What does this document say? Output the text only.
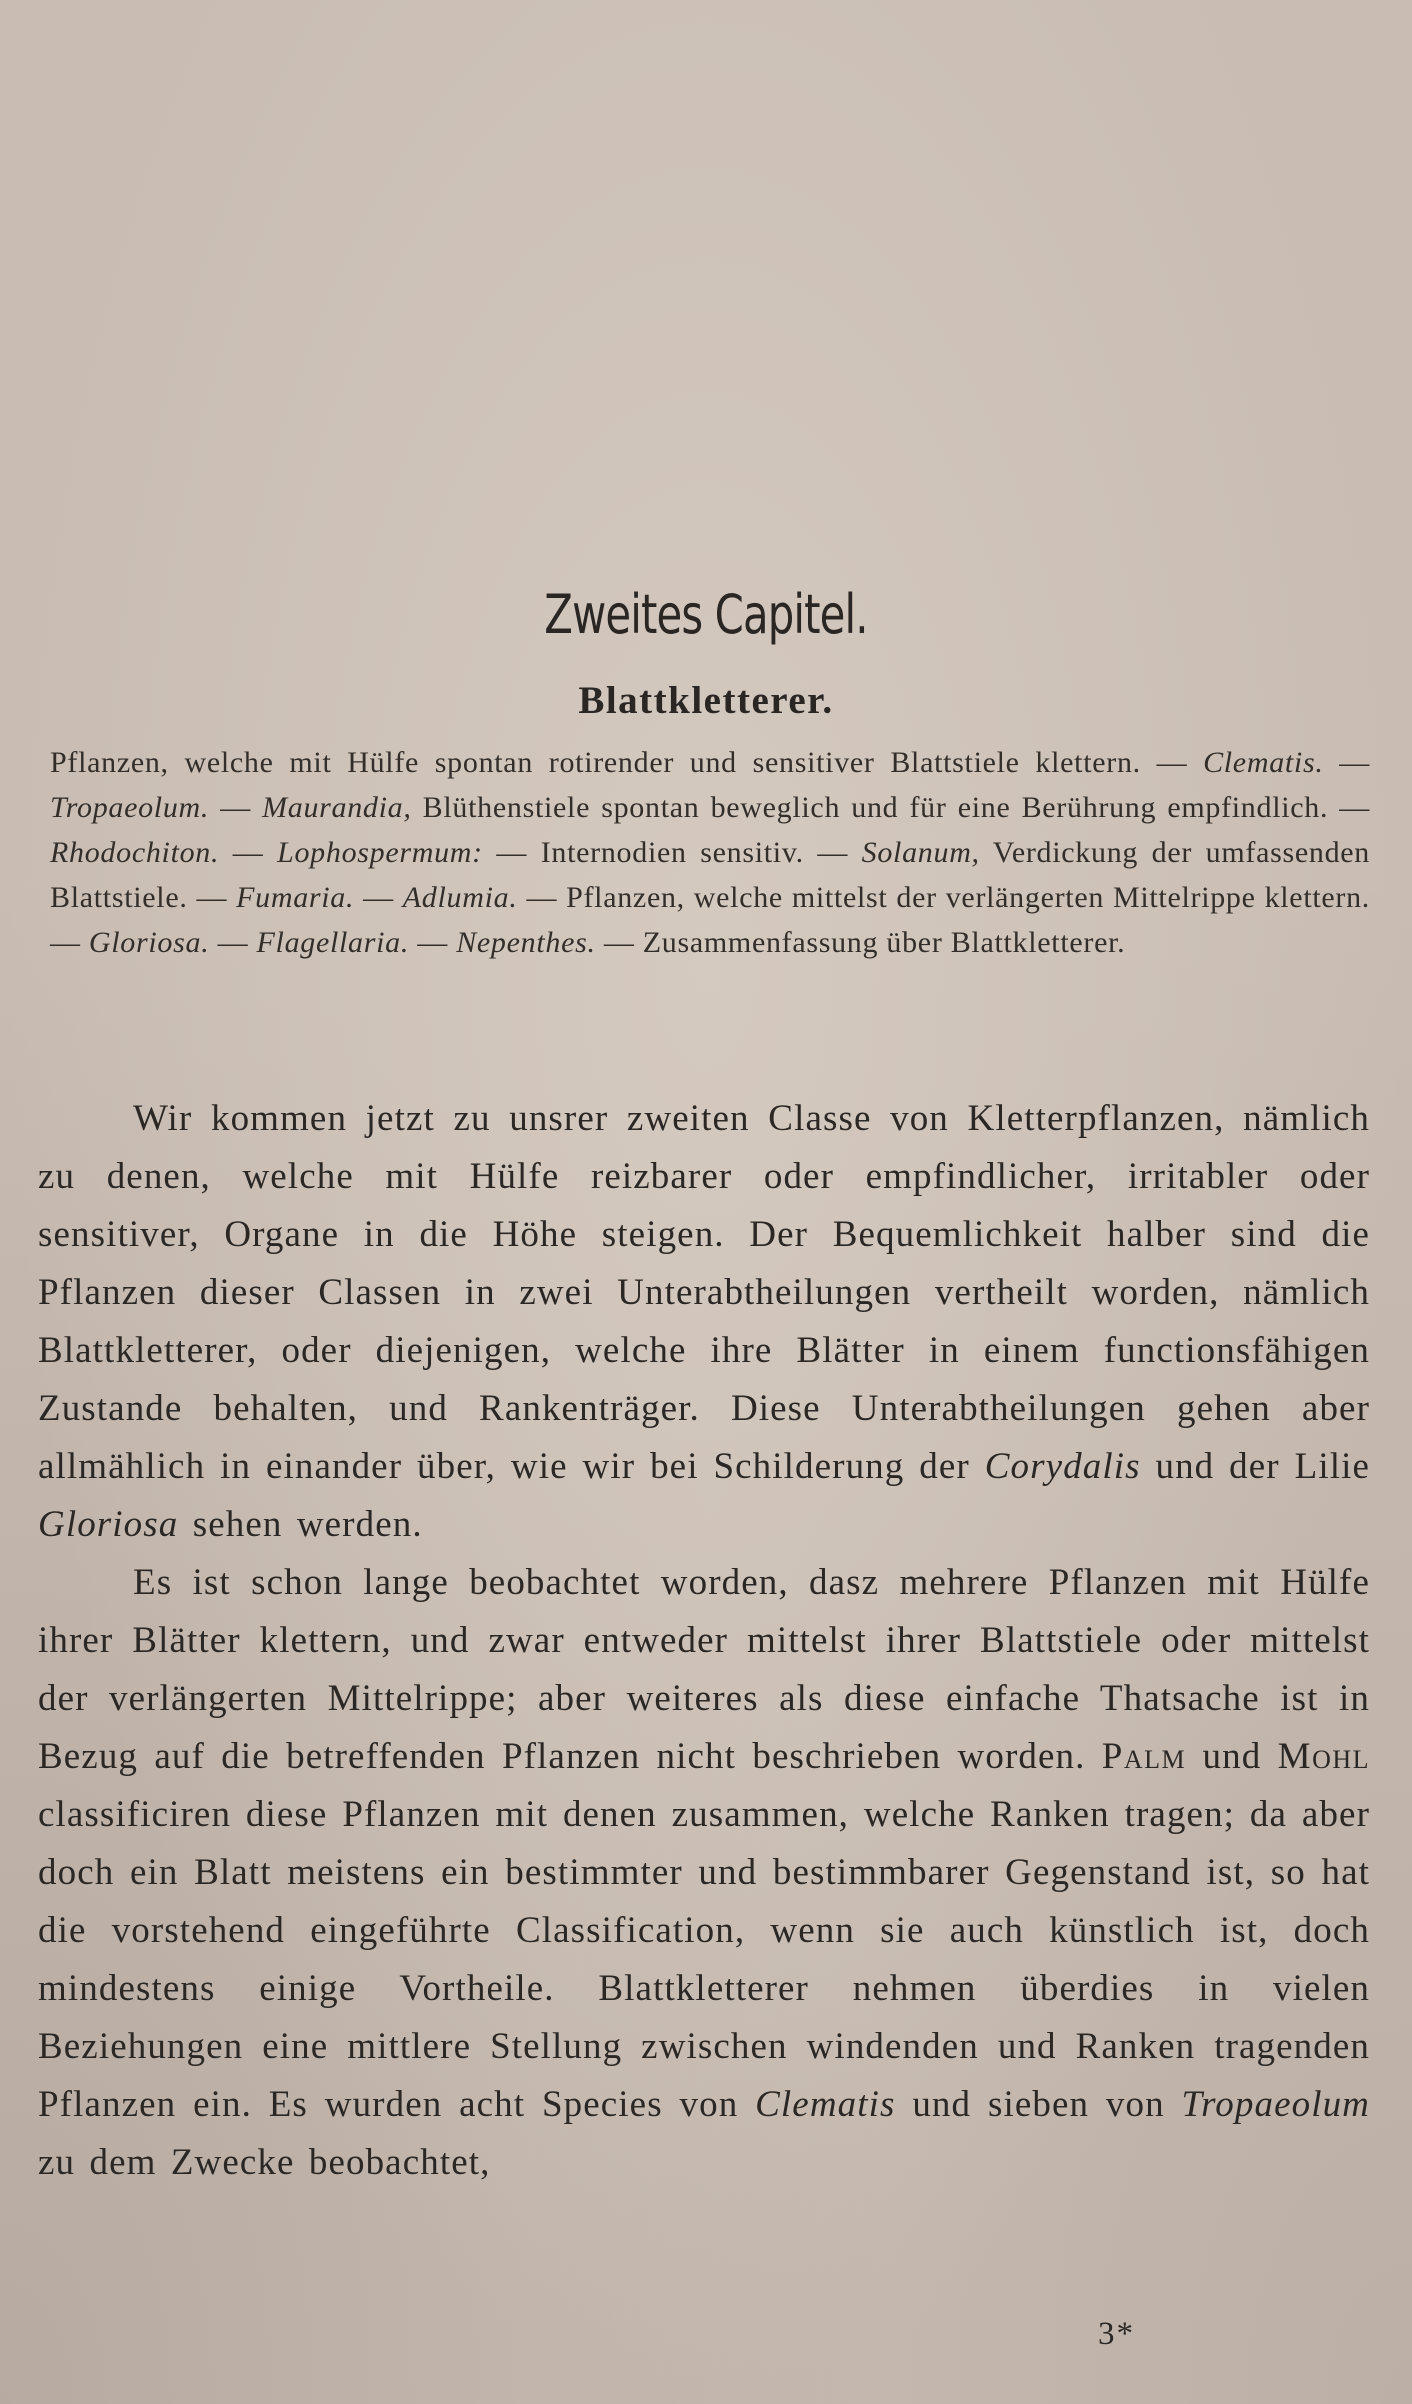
Zweites Capitel.
Blattkletterer.
Pflanzen, welche mit Hülfe spontan rotirender und sensitiver Blattstiele klettern. — Clematis. — Tropaeolum. — Maurandia, Blüthenstiele spontan beweglich und für eine Berührung empfindlich. — Rhodochiton. — Lophospermum: — Internodien sensitiv. — Solanum, Verdickung der umfassenden Blattstiele. — Fumaria. — Adlumia. — Pflanzen, welche mittelst der verlängerten Mittelrippe klettern. — Gloriosa. — Flagellaria. — Nepenthes. — Zusammenfassung über Blattkletterer.

Wir kommen jetzt zu unsrer zweiten Classe von Kletterpflanzen, nämlich zu denen, welche mit Hülfe reizbarer oder empfindlicher, irritabler oder sensitiver, Organe in die Höhe steigen. Der Bequemlichkeit halber sind die Pflanzen dieser Classen in zwei Unterabtheilungen vertheilt worden, nämlich Blattkletterer, oder diejenigen, welche ihre Blätter in einem functionsfähigen Zustande behalten, und Rankenträger. Diese Unterabtheilungen gehen aber allmählich in einander über, wie wir bei Schilderung der Corydalis und der Lilie Gloriosa sehen werden.

Es ist schon lange beobachtet worden, dasz mehrere Pflanzen mit Hülfe ihrer Blätter klettern, und zwar entweder mittelst ihrer Blattstiele oder mittelst der verlängerten Mittelrippe; aber weiteres als diese einfache Thatsache ist in Bezug auf die betreffenden Pflanzen nicht beschrieben worden. Palm und Mohl classificiren diese Pflanzen mit denen zusammen, welche Ranken tragen; da aber doch ein Blatt meistens ein bestimmter und bestimmbarer Gegenstand ist, so hat die vorstehend eingeführte Classification, wenn sie auch künstlich ist, doch mindestens einige Vortheile. Blattkletterer nehmen überdies in vielen Beziehungen eine mittlere Stellung zwischen windenden und Ranken tragenden Pflanzen ein. Es wurden acht Species von Clematis und sieben von Tropaeolum zu dem Zwecke beobachtet,

3*
